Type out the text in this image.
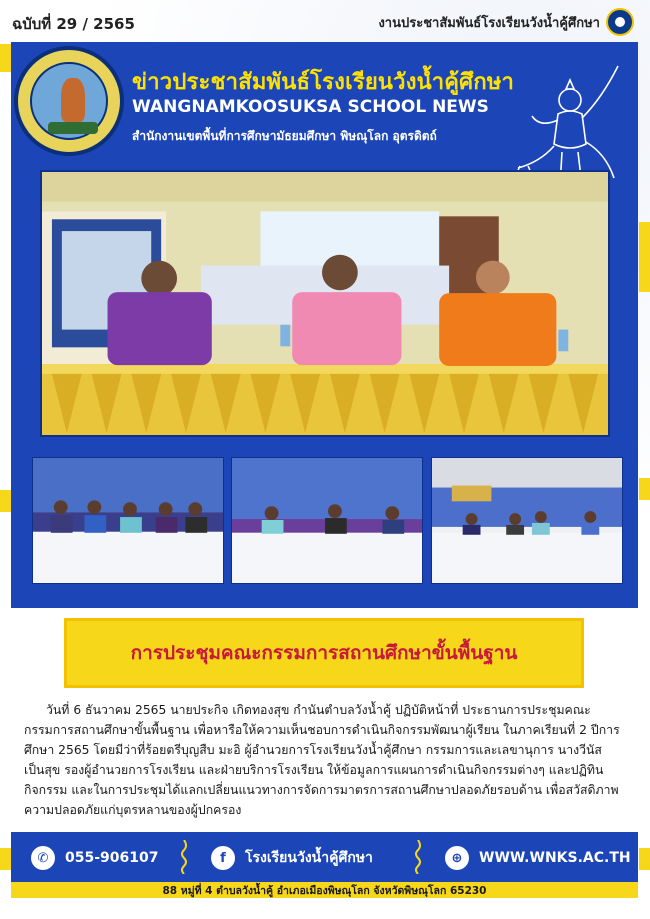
ฉบับที่ 29 / 2565	งานประชาสัมพันธ์โรงเรียนวังน้ำคู้ศึกษา
ข่าวประชาสัมพันธ์โรงเรียนวังน้ำคู้ศึกษา
WANGNAMKOOSUKSA SCHOOL NEWS
สำนักงานเขตพื้นที่การศึกษามัธยมศึกษา พิษณุโลก อุตรดิตถ์
การประชุมคณะกรรมการสถานศึกษาขั้นพื้นฐาน

วันที่ 6 ธันวาคม 2565 นายประกิจ เกิดทองสุข กำนันตำบลวังน้ำคู้ ปฏิบัติหน้าที่ ประธานการประชุมคณะกรรมการสถานศึกษาขั้นพื้นฐาน เพื่อหารือให้ความเห็นชอบการดำเนินกิจกรรมพัฒนาผู้เรียน ในภาคเรียนที่ 2 ปีการศึกษา 2565 โดยมีว่าที่ร้อยตรีบุญสืบ มะอิ ผู้อำนวยการโรงเรียนวังน้ำคู้ศึกษา กรรมการและเลขานุการ นางวีนัส เป็นสุข รองผู้อำนวยการโรงเรียน และฝ่ายบริการโรงเรียน ให้ข้อมูลการแผนการดำเนินกิจกรรมต่างๆ และปฏิทินกิจกรรม และในการประชุมได้แลกเปลี่ยนแนวทางการจัดการมาตรการสถานศึกษาปลอดภัยรอบด้าน เพื่อสวัสดิภาพ ความปลอดภัยแก่บุตรหลานของผู้ปกครอง

✆	055-906107	f	โรงเรียนวังน้ำคู้ศึกษา	⊕	WWW.WNKS.AC.TH
88 หมู่ที่ 4 ตำบลวังน้ำคู้ อำเภอเมืองพิษณุโลก จังหวัดพิษณุโลก 65230
